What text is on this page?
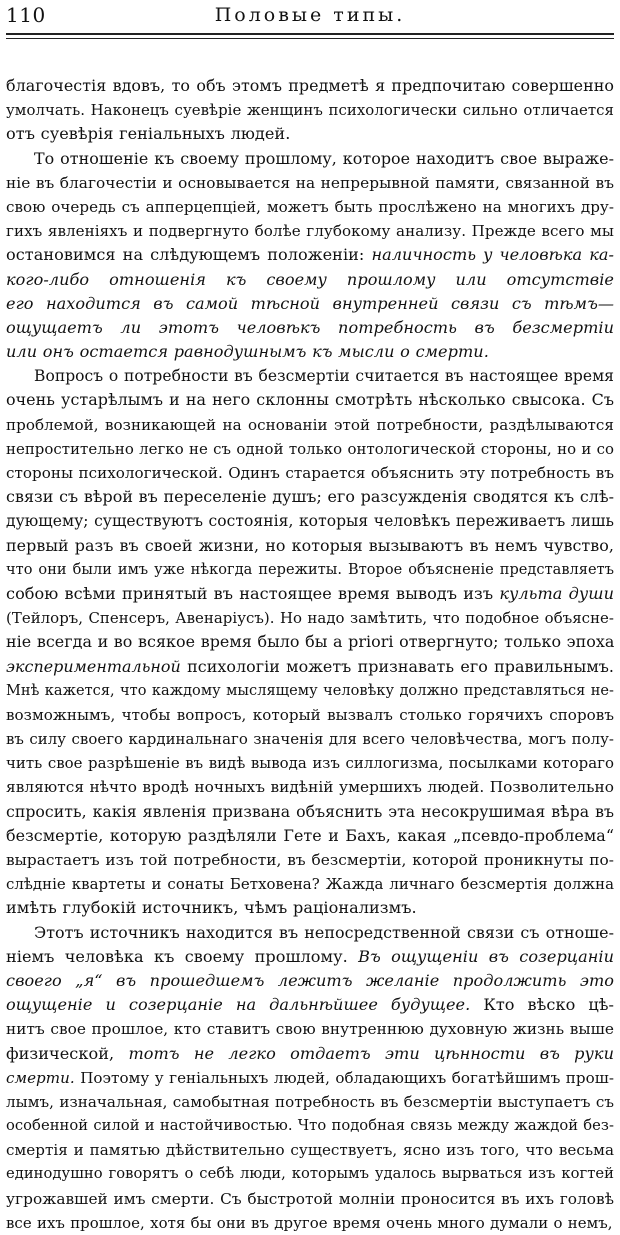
110	Половые типы.
благочестія вдовъ, то объ этомъ предметѣ я предпочитаю совершенно
умолчать. Наконецъ суевѣріе женщинъ психологически сильно отличается
отъ суевѣрія геніальныхъ людей.
То отношеніе къ своему прошлому, которое находитъ свое выраже-
ніе въ благочестіи и основывается на непрерывной памяти, связанной въ
свою очередь съ апперцепціей, можетъ быть прослѣжено на многихъ дру-
гихъ явленіяхъ и подвергнуто болѣе глубокому анализу. Прежде всего мы
остановимся на слѣдующемъ положеніи: наличность у человѣка ка-
кого-либо отношенія къ своему прошлому или отсутствіе
его находится въ самой тѣсной внутренней связи съ тѣмъ—
ощущаетъ ли этотъ человѣкъ потребность въ безсмертіи
или онъ остается равнодушнымъ къ мысли о смерти.
Вопросъ о потребности въ безсмертіи считается въ настоящее время
очень устарѣлымъ и на него склонны смотрѣть нѣсколько свысока. Съ
проблемой, возникающей на основаніи этой потребности, раздѣлываются
непростительно легко не съ одной только онтологической стороны, но и со
стороны психологической. Одинъ старается объяснить эту потребность въ
связи съ вѣрой въ переселеніе душъ; его разсужденія сводятся къ слѣ-
дующему; существуютъ состоянія, которыя человѣкъ переживаетъ лишь
первый разъ въ своей жизни, но которыя вызываютъ въ немъ чувство,
что они были имъ уже нѣкогда пережиты. Второе объясненіе представляетъ
собою всѣми принятый въ настоящее время выводъ изъ культа души
(Тейлоръ, Спенсеръ, Авенаріусъ). Но надо замѣтить, что подобное объясне-
ніе всегда и во всякое время было бы a priori отвергнуто; только эпоха
экспериментальной психологіи можетъ признавать его правильнымъ.
Мнѣ кажется, что каждому мыслящему человѣку должно представляться не-
возможнымъ, чтобы вопросъ, который вызвалъ столько горячихъ споровъ
въ силу своего кардинальнаго значенія для всего человѣчества, могъ полу-
чить свое разрѣшеніе въ видѣ вывода изъ силлогизма, посылками котораго
являются нѣчто вродѣ ночныхъ видѣній умершихъ людей. Позволительно
спросить, какія явленія призвана объяснить эта несокрушимая вѣра въ
безсмертіе, которую раздѣляли Гете и Бахъ, какая „псевдо-проблема“
вырастаетъ изъ той потребности, въ безсмертіи, которой проникнуты по-
слѣдніе квартеты и сонаты Бетховена? Жажда личнаго безсмертія должна
имѣть глубокій источникъ, чѣмъ раціонализмъ.
Этотъ источникъ находится въ непосредственной связи съ отноше-
ніемъ человѣка къ своему прошлому. Въ ощущеніи въ созерцаніи
своего „я“ въ прошедшемъ лежитъ желаніе продолжить это
ощущеніе и созерцаніе на дальнѣйшее будущее. Кто вѣско цѣ-
нитъ свое прошлое, кто ставитъ свою внутреннюю духовную жизнь выше
физической, тотъ не легко отдаетъ эти цѣнности въ руки
смерти. Поэтому у геніальныхъ людей, обладающихъ богатѣйшимъ прош-
лымъ, изначальная, самобытная потребность въ безсмертіи выступаетъ съ
особенной силой и настойчивостью. Что подобная связь между жаждой без-
смертія и памятью дѣйствительно существуетъ, ясно изъ того, что весьма
единодушно говорятъ о себѣ люди, которымъ удалось вырваться изъ когтей
угрожавшей имъ смерти. Съ быстротой молніи проносится въ ихъ головѣ
все ихъ прошлое, хотя бы они въ другое время очень много думали о немъ,
